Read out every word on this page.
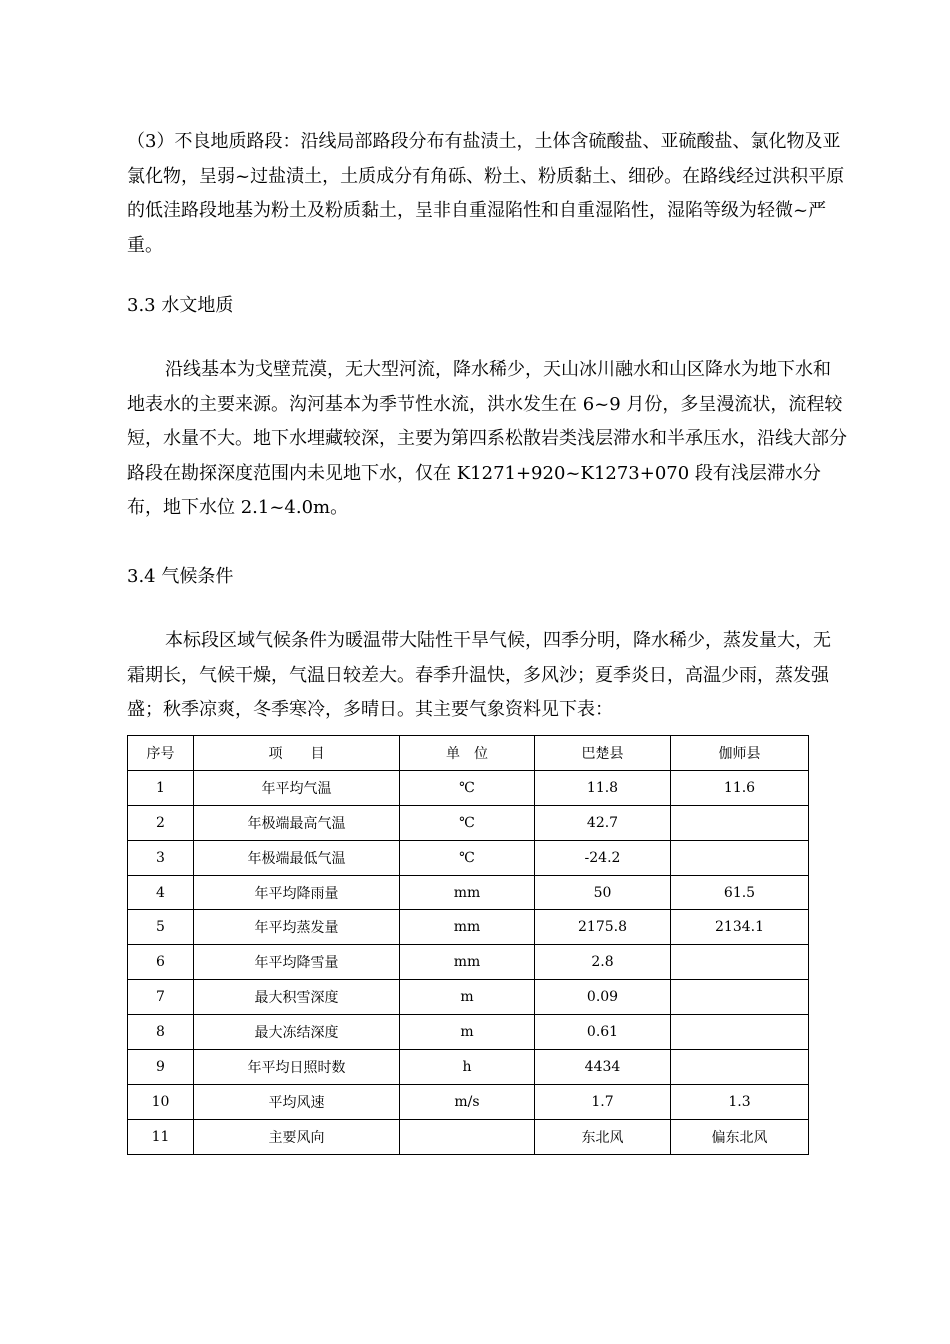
（3）不良地质路段：沿线局部路段分布有盐渍土，土体含硫酸盐、亚硫酸盐、氯化物及亚氯化物，呈弱~过盐渍土，土质成分有角砾、粉土、粉质黏土、细砂。在路线经过洪积平原的低洼路段地基为粉土及粉质黏土，呈非自重湿陷性和自重湿陷性，湿陷等级为轻微~严重。

3.3 水文地质

沿线基本为戈壁荒漠，无大型河流，降水稀少，天山冰川融水和山区降水为地下水和地表水的主要来源。沟河基本为季节性水流，洪水发生在 6~9 月份，多呈漫流状，流程较短，水量不大。地下水埋藏较深，主要为第四系松散岩类浅层滞水和半承压水，沿线大部分路段在勘探深度范围内未见地下水，仅在 K1271+920~K1273+070 段有浅层滞水分布，地下水位 2.1~4.0m。

3.4 气候条件

本标段区域气候条件为暖温带大陆性干旱气候，四季分明，降水稀少，蒸发量大，无霜期长，气候干燥，气温日较差大。春季升温快，多风沙；夏季炎日，高温少雨，蒸发强盛；秋季凉爽，冬季寒冷，多晴日。其主要气象资料见下表：

序号	项　　目	单　位	巴楚县	伽师县
1	年平均气温	℃	11.8	11.6
2	年极端最高气温	℃	42.7	
3	年极端最低气温	℃	-24.2	
4	年平均降雨量	mm	50	61.5
5	年平均蒸发量	mm	2175.8	2134.1
6	年平均降雪量	mm	2.8	
7	最大积雪深度	m	0.09	
8	最大冻结深度	m	0.61	
9	年平均日照时数	h	4434	
10	平均风速	m/s	1.7	1.3
11	主要风向		东北风	偏东北风
